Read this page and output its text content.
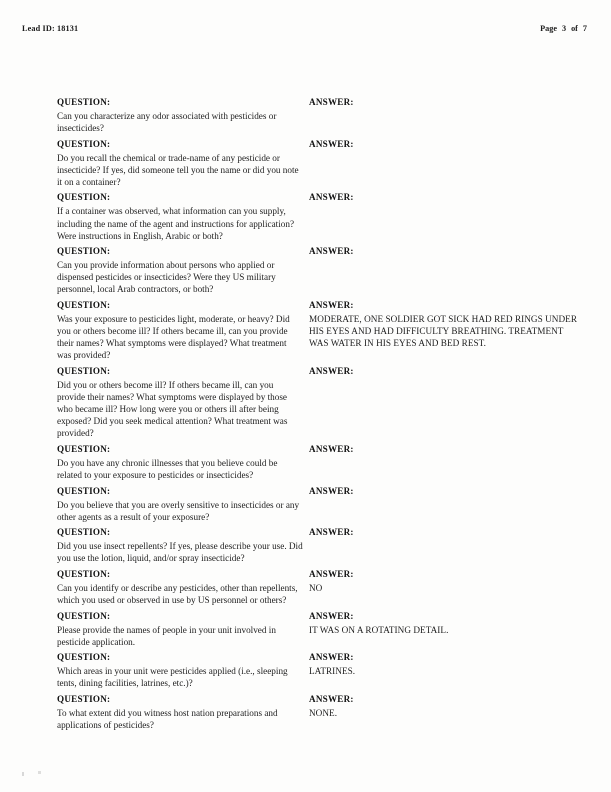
Lead ID: 18131	Page 3 of 7
QUESTION:	ANSWER:
Can you characterize any odor associated with pesticides or insecticides?
QUESTION:	ANSWER:
Do you recall the chemical or trade-name of any pesticide or insecticide? If yes, did someone tell you the name or did you note it on a container?
QUESTION:	ANSWER:
If a container was observed, what information can you supply, including the name of the agent and instructions for application? Were instructions in English, Arabic or both?
QUESTION:	ANSWER:
Can you provide information about persons who applied or dispensed pesticides or insecticides? Were they US military personnel, local Arab contractors, or both?
QUESTION:	ANSWER:
Was your exposure to pesticides light, moderate, or heavy? Did you or others become ill? If others became ill, can you provide their names? What symptoms were displayed? What treatment was provided?
MODERATE, ONE SOLDIER GOT SICK HAD RED RINGS UNDER HIS EYES AND HAD DIFFICULTY BREATHING. TREATMENT WAS WATER IN HIS EYES AND BED REST.
QUESTION:	ANSWER:
Did you or others become ill? If others became ill, can you provide their names? What symptoms were displayed by those who became ill? How long were you or others ill after being exposed? Did you seek medical attention? What treatment was provided?
QUESTION:	ANSWER:
Do you have any chronic illnesses that you believe could be related to your exposure to pesticides or insecticides?
QUESTION:	ANSWER:
Do you believe that you are overly sensitive to insecticides or any other agents as a result of your exposure?
QUESTION:	ANSWER:
Did you use insect repellents? If yes, please describe your use. Did you use the lotion, liquid, and/or spray insecticide?
QUESTION:	ANSWER:
Can you identify or describe any pesticides, other than repellents, which you used or observed in use by US personnel or others?
NO
QUESTION:	ANSWER:
Please provide the names of people in your unit involved in pesticide application.
IT WAS ON A ROTATING DETAIL.
QUESTION:	ANSWER:
Which areas in your unit were pesticides applied (i.e., sleeping tents, dining facilities, latrines, etc.)?
LATRINES.
QUESTION:	ANSWER:
To what extent did you witness host nation preparations and applications of pesticides?
NONE.
